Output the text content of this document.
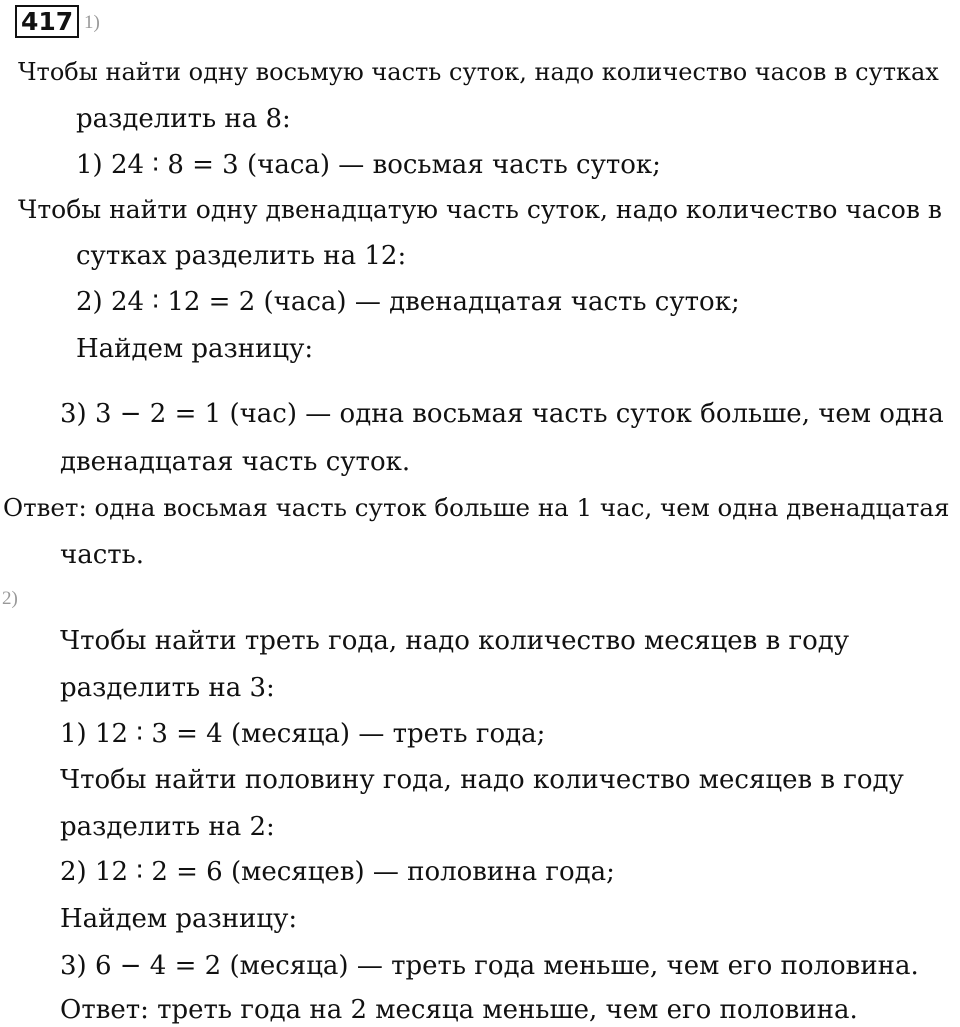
417 1)
Чтобы найти одну восьмую часть суток, надо количество часов в сутках
разделить на 8:
1) 24 ∶ 8 = 3 (часа) — восьмая часть суток;
Чтобы найти одну двенадцатую часть суток, надо количество часов в
сутках разделить на 12:
2) 24 ∶ 12 = 2 (часа) — двенадцатая часть суток;
Найдем разницу:
3) 3 − 2 = 1 (час) — одна восьмая часть суток больше, чем одна
двенадцатая часть суток.
Ответ: одна восьмая часть суток больше на 1 час, чем одна двенадцатая
часть.
2)
Чтобы найти треть года, надо количество месяцев в году
разделить на 3:
1) 12 ∶ 3 = 4 (месяца) — треть года;
Чтобы найти половину года, надо количество месяцев в году
разделить на 2:
2) 12 ∶ 2 = 6 (месяцев) — половина года;
Найдем разницу:
3) 6 − 4 = 2 (месяца) — треть года меньше, чем его половина.
Ответ: треть года на 2 месяца меньше, чем его половина.
